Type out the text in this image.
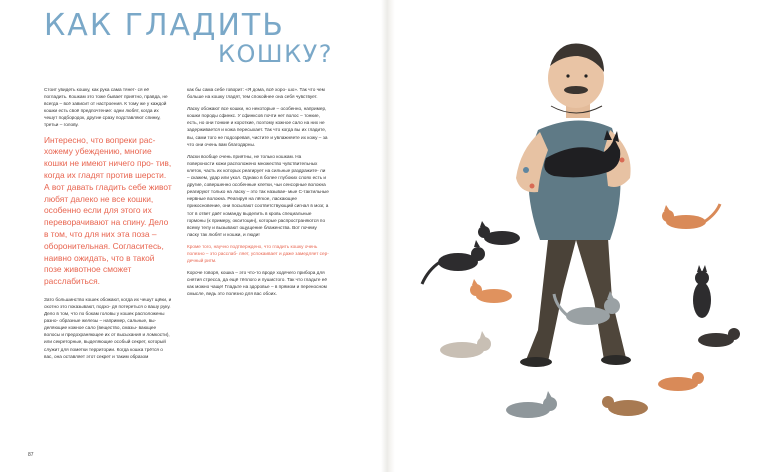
КАК ГЛАДИТЬ
КОШКУ?

Стоит увидеть кошку, как рука сама тянет- ся её погладить. Кошкам это тоже бывает приятно, правда, не всегда – всё зависит от настроения. К тому же у каждой кошки есть своё предпочтение: одни любят, когда их чешут подбородок, другие сразу подставляют спинку, третьи – голову.

Интересно, что вопреки рас- хожему убеждению, многие кошки не имеют ничего про- тив, когда их гладят против шерсти. А вот давать гладить себе живот любят далеко не все кошки, особенно если для этого их переворачивают на спину. Дело в том, что для них эта поза – оборонительная. Согласитесь, наивно ожидать, что в такой позе животное сможет расслабиться.

Зато большинство кошек обожают, когда их чешут щёки, и охотно это показывают, подхо- дя потереться о вашу руку. Дело в том, что по бокам головы у кошек расположены разно- образные железы – например, сальные, вы- деляющие кожное сало (вещество, смазы- вающее волосы и предохраняющее их от высыхания и ломкости), или секреторные, выделяющие особый секрет, который служит для пометки территории. Когда кошка трётся о вас, она оставляет этот секрет и таким образом

как бы сама себе говорит: «Я дома, всё хоро- шо». Так что чем больше на кошку гладят, тем спокойнее она себя чувствует.

Ласку обожают все кошки, но некоторые – особенно, например, кошки породы сфинкс. У сфинксов почти нет волос – тонкие, есть, но они тонкие и короткие, поэтому кожное сало на них не задерживается и кожа пересыхает. Так что когда вы их гладите, вы, сами того не подозревая, чистите и увлажняете их кожу – за что они очень вам благодарны.

Ласки вообще очень приятны, не только кошкам. На поверхности кожи расположено множество чувствительных клеток, часть их которых реагирует на сильные раздражите- ли – скажем, удар или укол. Однако в более глубоких слоях есть и другие, совершенно особенные клетки, чьи сенсорные волокна реагируют только на ласку – это так называе- мые С-тактильные нервные волокна. Реагируя на лёгкое, ласкающее прикосновение, они посылают соответствующий сигнал в мозг, а тот в ответ даёт команду выделить в кровь специальные гормоны (к примеру, окситоцин), которые распространяются по всему телу и вызывают ощущение блаженства. Вот почему ласку так любят и кошки, и люди!

Кроме того, научно подтверждено, что гладить кошку очень полезно – это расслаб- ляет, успокаивает и даже замедляет сер- дечный ритм.

Короче говоря, кошка – это что-то вроде ходячего прибора для снятия стресса, да ещё тёплого и пушистого. Так что гладьте её как можно чаще! Гладьте на здоровье – в прямом и переносном смысле, ведь это полезно для вас обоих.

87
